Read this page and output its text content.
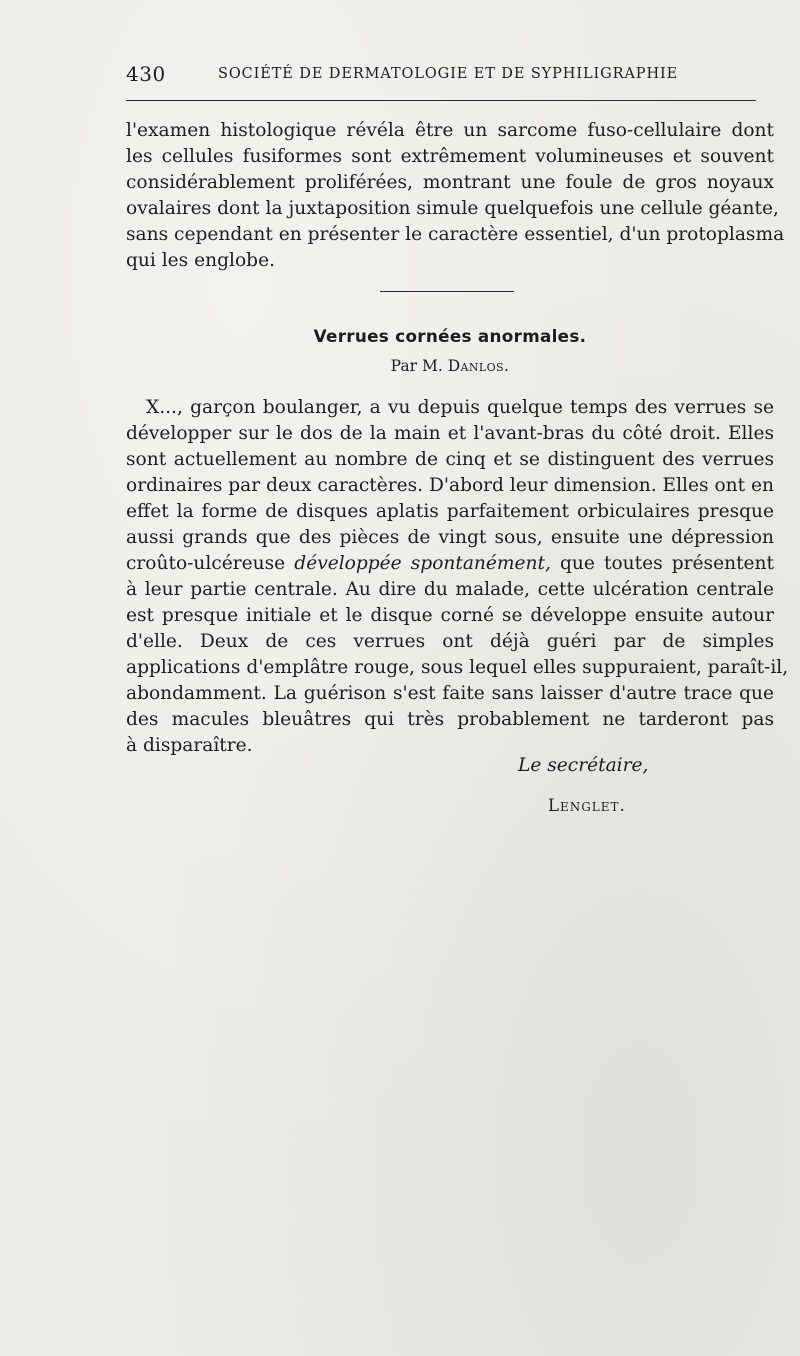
430	SOCIÉTÉ DE DERMATOLOGIE ET DE SYPHILIGRAPHIE
l'examen histologique révéla être un sarcome fuso-cellulaire dont
les cellules fusiformes sont extrêmement volumineuses et souvent
considérablement proliférées, montrant une foule de gros noyaux
ovalaires dont la juxtaposition simule quelquefois une cellule géante,
sans cependant en présenter le caractère essentiel, d'un protoplasma
qui les englobe.
Verrues cornées anormales.
Par M. Danlos.
X..., garçon boulanger, a vu depuis quelque temps des verrues se
développer sur le dos de la main et l'avant-bras du côté droit. Elles
sont actuellement au nombre de cinq et se distinguent des verrues
ordinaires par deux caractères. D'abord leur dimension. Elles ont en
effet la forme de disques aplatis parfaitement orbiculaires presque
aussi grands que des pièces de vingt sous, ensuite une dépression
croûto-ulcéreuse développée spontanément, que toutes présentent
à leur partie centrale. Au dire du malade, cette ulcération centrale
est presque initiale et le disque corné se développe ensuite autour
d'elle. Deux de ces verrues ont déjà guéri par de simples
applications d'emplâtre rouge, sous lequel elles suppuraient, paraît-il,
abondamment. La guérison s'est faite sans laisser d'autre trace que
des macules bleuâtres qui très probablement ne tarderont pas
à disparaître.
Le secrétaire,
Lenglet.
